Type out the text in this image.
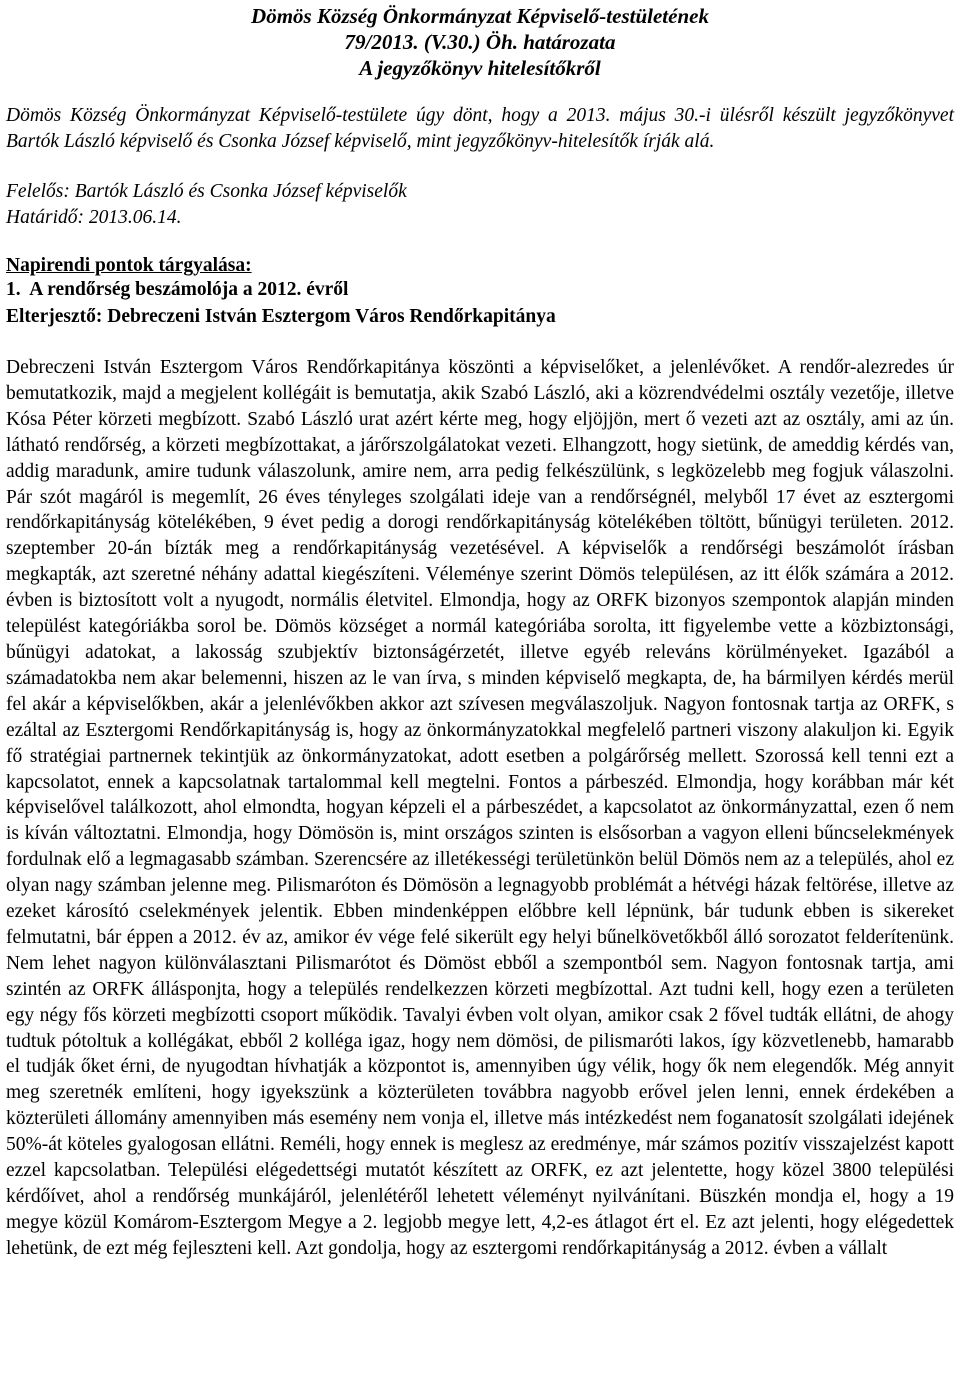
Dömös Község Önkormányzat Képviselő-testületének
79/2013. (V.30.) Öh. határozata
A jegyzőkönyv hitelesítőkről

Dömös Község Önkormányzat Képviselő-testülete úgy dönt, hogy a 2013. május 30.-i ülésről készült jegyzőkönyvet Bartók László képviselő és Csonka József képviselő, mint jegyzőkönyv-hitelesítők írják alá.

Felelős: Bartók László és Csonka József képviselők
Határidő: 2013.06.14.
Napirendi pontok tárgyalása:
1.  A rendőrség beszámolója a 2012. évről
Elterjesztő: Debreczeni István Esztergom Város Rendőrkapitánya

Debreczeni István Esztergom Város Rendőrkapitánya köszönti a képviselőket, a jelenlévőket. A rendőr-alezredes úr bemutatkozik, majd a megjelent kollégáit is bemutatja, akik Szabó László, aki a közrendvédelmi osztály vezetője, illetve Kósa Péter körzeti megbízott. Szabó László urat azért kérte meg, hogy eljöjjön, mert ő vezeti azt az osztály, ami az ún. látható rendőrség, a körzeti megbízottakat, a járőrszolgálatokat vezeti. Elhangzott, hogy sietünk, de ameddig kérdés van, addig maradunk, amire tudunk válaszolunk, amire nem, arra pedig felkészülünk, s legközelebb meg fogjuk válaszolni. Pár szót magáról is megemlít, 26 éves tényleges szolgálati ideje van a rendőrségnél, melyből 17 évet az esztergomi rendőrkapitányság kötelékében, 9 évet pedig a dorogi rendőrkapitányság kötelékében töltött, bűnügyi területen. 2012. szeptember 20-án bízták meg a rendőrkapitányság vezetésével. A képviselők a rendőrségi beszámolót írásban megkapták, azt szeretné néhány adattal kiegészíteni. Véleménye szerint Dömös településen, az itt élők számára a 2012. évben is biztosított volt a nyugodt, normális életvitel. Elmondja, hogy az ORFK bizonyos szempontok alapján minden települést kategóriákba sorol be. Dömös községet a normál kategóriába sorolta, itt figyelembe vette a közbiztonsági, bűnügyi adatokat, a lakosság szubjektív biztonságérzetét, illetve egyéb releváns körülményeket. Igazából a számadatokba nem akar belemenni, hiszen az le van írva, s minden képviselő megkapta, de, ha bármilyen kérdés merül fel akár a képviselőkben, akár a jelenlévőkben akkor azt szívesen megválaszoljuk. Nagyon fontosnak tartja az ORFK, s ezáltal az Esztergomi Rendőrkapitányság is, hogy az önkormányzatokkal megfelelő partneri viszony alakuljon ki. Egyik fő stratégiai partnernek tekintjük az önkormányzatokat, adott esetben a polgárőrség mellett. Szorossá kell tenni ezt a kapcsolatot, ennek a kapcsolatnak tartalommal kell megtelni. Fontos a párbeszéd. Elmondja, hogy korábban már két képviselővel találkozott, ahol elmondta, hogyan képzeli el a párbeszédet, a kapcsolatot az önkormányzattal, ezen ő nem is kíván változtatni. Elmondja, hogy Dömösön is, mint országos szinten is elsősorban a vagyon elleni bűncselekmények fordulnak elő a legmagasabb számban. Szerencsére az illetékességi területünkön belül Dömös nem az a település, ahol ez olyan nagy számban jelenne meg. Pilismaróton és Dömösön a legnagyobb problémát a hétvégi házak feltörése, illetve az ezeket károsító cselekmények jelentik. Ebben mindenképpen előbbre kell lépnünk, bár tudunk ebben is sikereket felmutatni, bár éppen a 2012. év az, amikor év vége felé sikerült egy helyi bűnelkövetőkből álló sorozatot felderítenünk. Nem lehet nagyon különválasztani Pilismarótot és Dömöst ebből a szempontból sem. Nagyon fontosnak tartja, ami szintén az ORFK állásponjta, hogy a település rendelkezzen körzeti megbízottal. Azt tudni kell, hogy ezen a területen egy négy fős körzeti megbízotti csoport működik. Tavalyi évben volt olyan, amikor csak 2 fővel tudták ellátni, de ahogy tudtuk pótoltuk a kollégákat, ebből 2 kollégа igaz, hogy nem dömösi, de pilismaróti lakos, így közvetlenebb, hamarabb el tudják őket érni, de nyugodtan hívhatják a központot is, amennyiben úgy vélik, hogy ők nem elegendők. Még annyit meg szeretnék említeni, hogy igyekszünk a közterületen továbbra nagyobb erővel jelen lenni, ennek érdekében a közterületi állomány amennyiben más esemény nem vonja el, illetve más intézkedést nem foganatosít szolgálati idejének 50%-át köteles gyalogosan ellátni. Reméli, hogy ennek is meglesz az eredménye, már számos pozitív visszajelzést kapott ezzel kapcsolatban. Települési elégedettségi mutatót készített az ORFK, ez azt jelentette, hogy közel 3800 települési kérdőívet, ahol a rendőrség munkájáról, jelenlétéről lehetett véleményt nyilvánítani. Büszkén mondja el, hogy a 19 megye közül Komárom-Esztergom Megye a 2. legjobb megye lett, 4,2-es átlagot ért el. Ez azt jelenti, hogy elégedettek lehetünk, de ezt még fejleszteni kell. Azt gondolja, hogy az esztergomi rendőrkapitányság a 2012. évben a vállalt
